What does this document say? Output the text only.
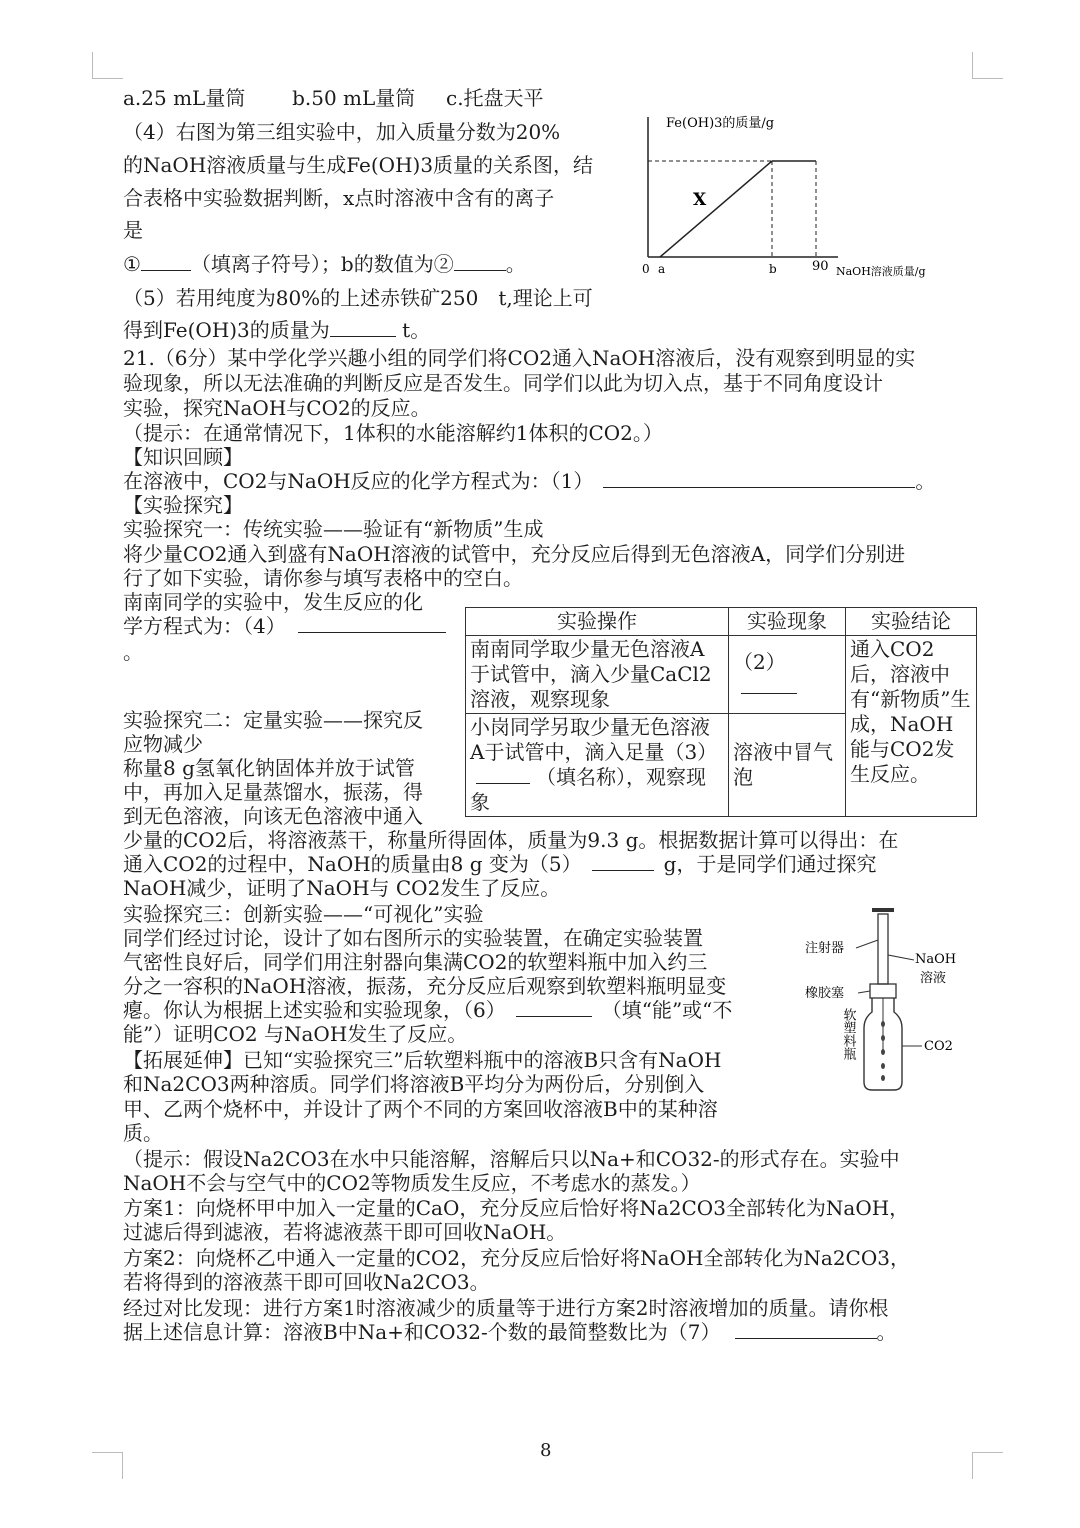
a.25 mL量筒 b.50 mL量筒 c.托盘天平
（4）右图为第三组实验中，加入质量分数为20%
的NaOH溶液质量与生成Fe(OH)3质量的关系图，结
合表格中实验数据判断，x点时溶液中含有的离子
是
①	（填离子符号）；b的数值为②	。
（5）若用纯度为80%的上述赤铁矿250　t,理论上可
得到Fe(OH)3的质量为	t。
Fe(OH)3的质量/g
X
0 a	b	90 NaOH溶液质量/g
21.（6分）某中学化学兴趣小组的同学们将CO2通入NaOH溶液后，没有观察到明显的实
验现象，所以无法准确的判断反应是否发生。同学们以此为切入点，基于不同角度设计
实验，探究NaOH与CO2的反应。
（提示：在通常情况下，1体积的水能溶解约1体积的CO2。）
【知识回顾】
在溶液中，CO2与NaOH反应的化学方程式为：（1）	。
【实验探究】
实验探究一：传统实验——验证有“新物质”生成
将少量CO2通入到盛有NaOH溶液的试管中，充分反应后得到无色溶液A，同学们分别进
行了如下实验，请你参与填写表格中的空白。
南南同学的实验中，发生反应的化
学方程式为：（4）
。
实验探究二：定量实验——探究反
应物减少
称量8 g氢氧化钠固体并放于试管
中，再加入足量蒸馏水，振荡，得
到无色溶液，向该无色溶液中通入
少量的CO2后，将溶液蒸干，称量所得固体，质量为9.3 g。根据数据计算可以得出：在
通入CO2的过程中，NaOH的质量由8 g 变为（5）	g，于是同学们通过探究
NaOH减少，证明了NaOH与 CO2发生了反应。
实验探究三：创新实验——“可视化”实验
同学们经过讨论，设计了如右图所示的实验装置，在确定实验装置
气密性良好后，同学们用注射器向集满CO2的软塑料瓶中加入约三
分之一容积的NaOH溶液，振荡，充分反应后观察到软塑料瓶明显变
瘪。你认为根据上述实验和实验现象，（6）	（填“能”或“不
能”）证明CO2 与NaOH发生了反应。
【拓展延伸】已知“实验探究三”后软塑料瓶中的溶液B只含有NaOH
和Na2CO3两种溶质。同学们将溶液B平均分为两份后，分别倒入
甲、乙两个烧杯中，并设计了两个不同的方案回收溶液B中的某种溶
质。
（提示：假设Na2CO3在水中只能溶解，溶解后只以Na+和CO32-的形式存在。实验中
NaOH不会与空气中的CO2等物质发生反应，不考虑水的蒸发。）
方案1：向烧杯甲中加入一定量的CaO，充分反应后恰好将Na2CO3全部转化为NaOH，
过滤后得到滤液，若将滤液蒸干即可回收NaOH。
方案2：向烧杯乙中通入一定量的CO2，充分反应后恰好将NaOH全部转化为Na2CO3，
若将得到的溶液蒸干即可回收Na2CO3。
经过对比发现：进行方案1时溶液减少的质量等于进行方案2时溶液增加的质量。请你根
据上述信息计算：溶液B中Na+和CO32-个数的最简整数比为（7）	。
实验操作	实验现象	实验结论
南南同学取少量无色溶液A于试管中，滴入少量CaCl2溶液，观察现象	（2）	通入CO2后，溶液中有“新物质”生成，NaOH能与CO2发生反应。
小岗同学另取少量无色溶液A于试管中，滴入足量（3）（填名称），观察现象	溶液中冒气泡	
注射器
橡胶塞
NaOH
溶液
软塑料瓶	CO2
8
